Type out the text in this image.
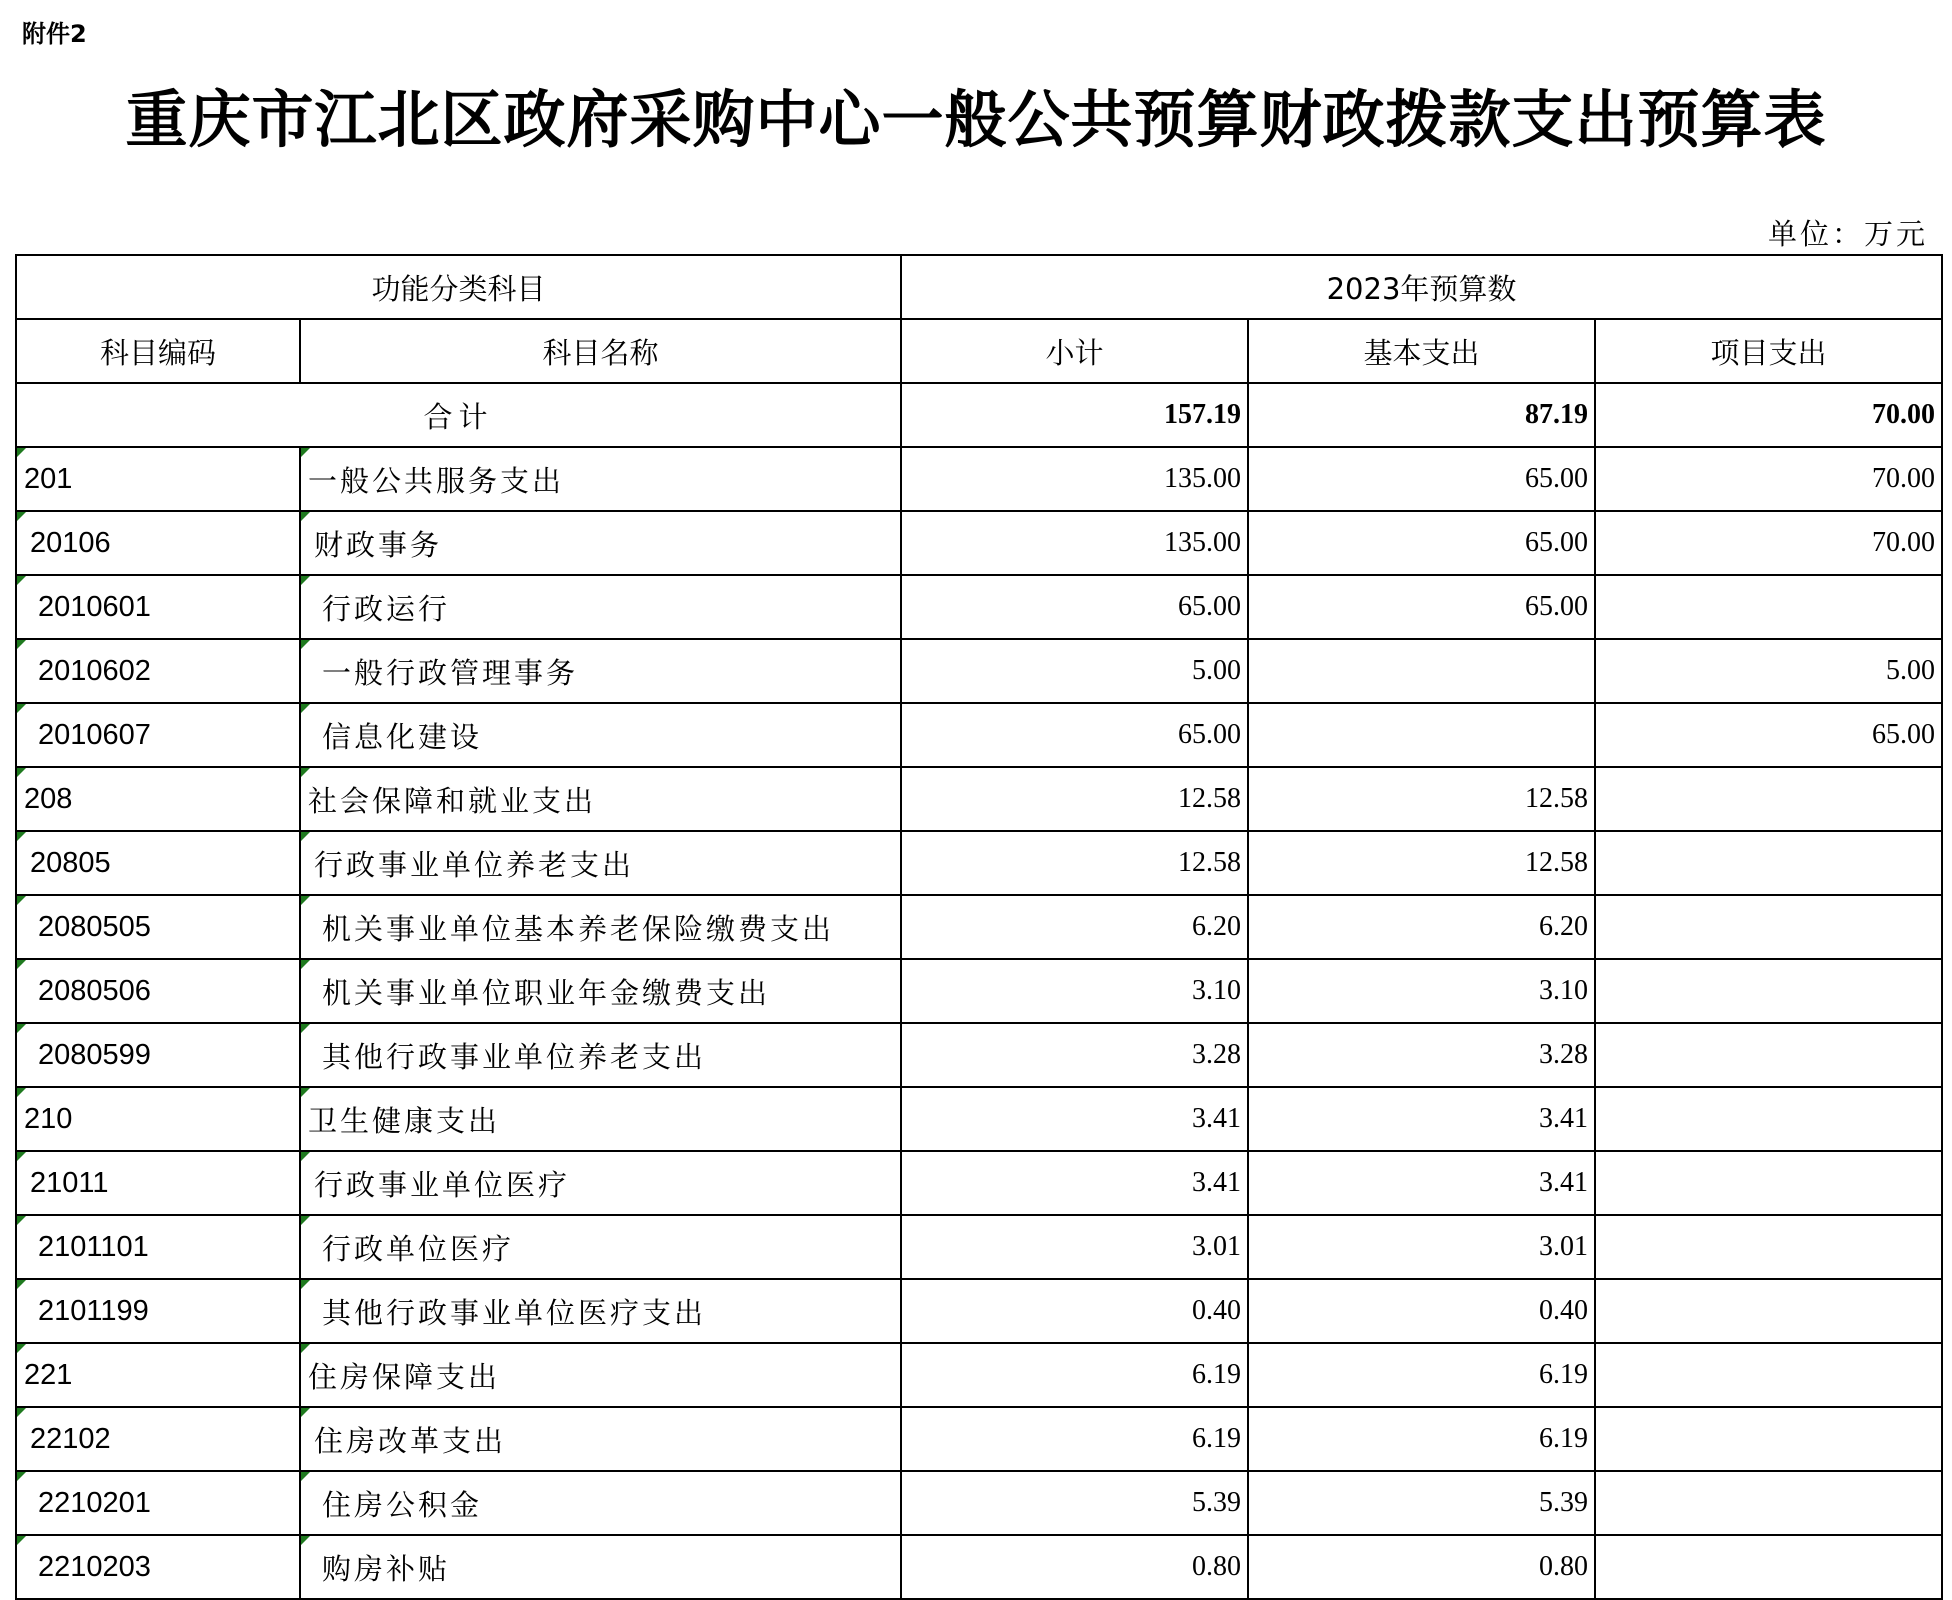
附件2
重庆市江北区政府采购中心一般公共预算财政拨款支出预算表
单位：万元
功能分类科目		2023年预算数		
科目编码	科目名称	小计	基本支出	项目支出
合计		157.19	87.19	70.00
201	一般公共服务支出	135.00	65.00	70.00
20106	财政事务	135.00	65.00	70.00
2010601	行政运行	65.00	65.00	
2010602	一般行政管理事务	5.00		5.00
2010607	信息化建设	65.00		65.00
208	社会保障和就业支出	12.58	12.58	
20805	行政事业单位养老支出	12.58	12.58	
2080505	机关事业单位基本养老保险缴费支出	6.20	6.20	
2080506	机关事业单位职业年金缴费支出	3.10	3.10	
2080599	其他行政事业单位养老支出	3.28	3.28	
210	卫生健康支出	3.41	3.41	
21011	行政事业单位医疗	3.41	3.41	
2101101	行政单位医疗	3.01	3.01	
2101199	其他行政事业单位医疗支出	0.40	0.40	
221	住房保障支出	6.19	6.19	
22102	住房改革支出	6.19	6.19	
2210201	住房公积金	5.39	5.39	
2210203	购房补贴	0.80	0.80	
